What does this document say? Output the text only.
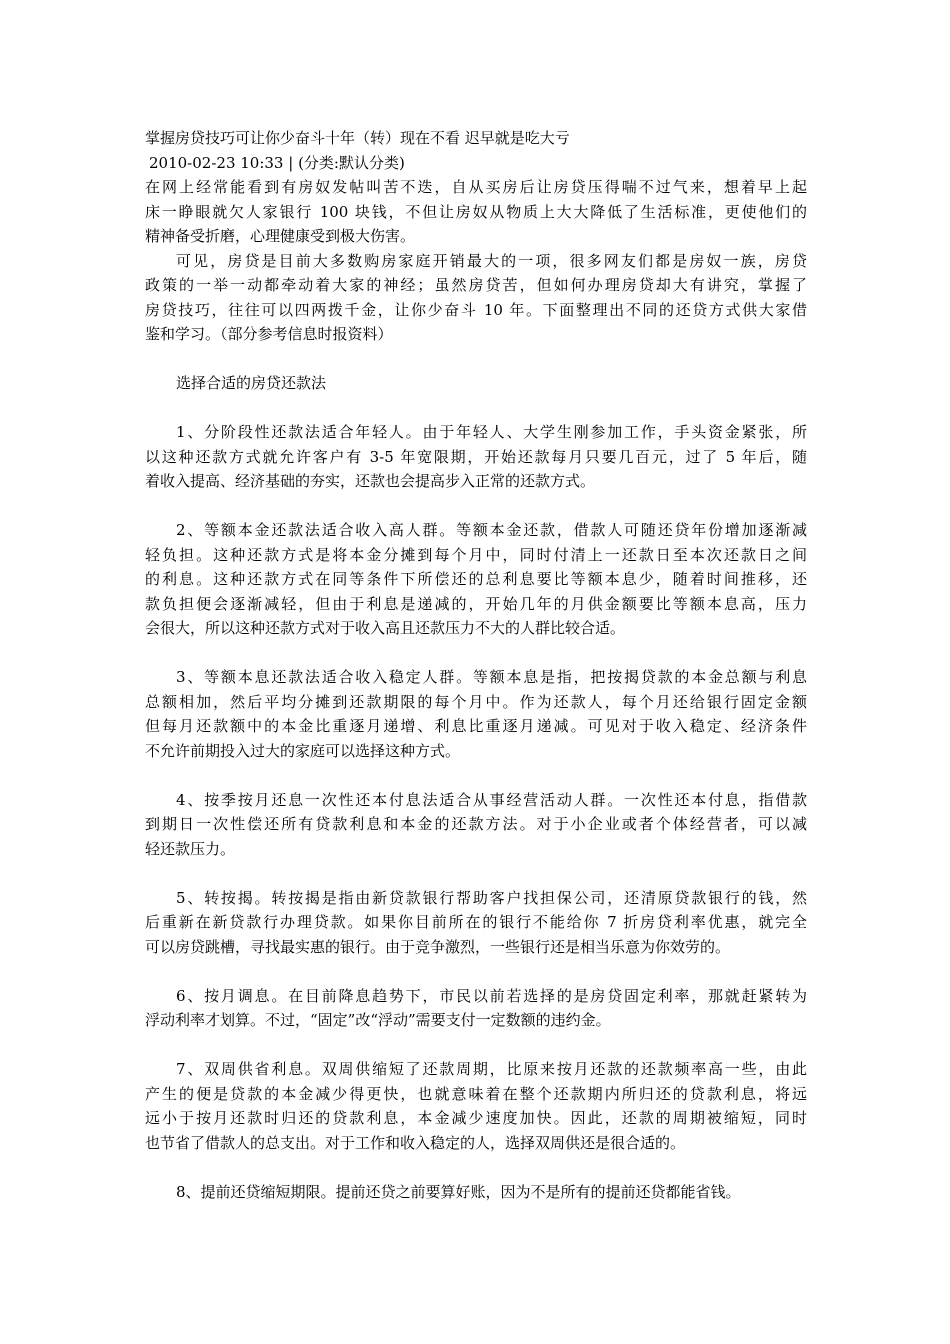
掌握房贷技巧可让你少奋斗十年（转）现在不看 迟早就是吃大亏
2010-02-23 10:33 | (分类:默认分类)
在网上经常能看到有房奴发帖叫苦不迭，自从买房后让房贷压得喘不过气来，想着早上起
床一睁眼就欠人家银行 100 块钱，不但让房奴从物质上大大降低了生活标准，更使他们的
精神备受折磨，心理健康受到极大伤害。
可见，房贷是目前大多数购房家庭开销最大的一项，很多网友们都是房奴一族，房贷
政策的一举一动都牵动着大家的神经；虽然房贷苦，但如何办理房贷却大有讲究，掌握了
房贷技巧，往往可以四两拨千金，让你少奋斗 10 年。下面整理出不同的还贷方式供大家借
鉴和学习。（部分参考信息时报资料）
选择合适的房贷还款法
1、分阶段性还款法适合年轻人。由于年轻人、大学生刚参加工作，手头资金紧张，所
以这种还款方式就允许客户有 3-5 年宽限期，开始还款每月只要几百元，过了 5 年后，随
着收入提高、经济基础的夯实，还款也会提高步入正常的还款方式。
2、等额本金还款法适合收入高人群。等额本金还款，借款人可随还贷年份增加逐渐减
轻负担。这种还款方式是将本金分摊到每个月中，同时付清上一还款日至本次还款日之间
的利息。这种还款方式在同等条件下所偿还的总利息要比等额本息少，随着时间推移，还
款负担便会逐渐减轻，但由于利息是递减的，开始几年的月供金额要比等额本息高，压力
会很大，所以这种还款方式对于收入高且还款压力不大的人群比较合适。
3、等额本息还款法适合收入稳定人群。等额本息是指，把按揭贷款的本金总额与利息
总额相加，然后平均分摊到还款期限的每个月中。作为还款人，每个月还给银行固定金额
但每月还款额中的本金比重逐月递增、利息比重逐月递减。可见对于收入稳定、经济条件
不允许前期投入过大的家庭可以选择这种方式。
4、按季按月还息一次性还本付息法适合从事经营活动人群。一次性还本付息，指借款
到期日一次性偿还所有贷款利息和本金的还款方法。对于小企业或者个体经营者，可以减
轻还款压力。
5、转按揭。转按揭是指由新贷款银行帮助客户找担保公司，还清原贷款银行的钱，然
后重新在新贷款行办理贷款。如果你目前所在的银行不能给你 7 折房贷利率优惠，就完全
可以房贷跳槽，寻找最实惠的银行。由于竞争激烈，一些银行还是相当乐意为你效劳的。
6、按月调息。在目前降息趋势下，市民以前若选择的是房贷固定利率，那就赶紧转为
浮动利率才划算。不过，“固定”改“浮动”需要支付一定数额的违约金。
7、双周供省利息。双周供缩短了还款周期，比原来按月还款的还款频率高一些，由此
产生的便是贷款的本金减少得更快，也就意味着在整个还款期内所归还的贷款利息，将远
远小于按月还款时归还的贷款利息，本金减少速度加快。因此，还款的周期被缩短，同时
也节省了借款人的总支出。对于工作和收入稳定的人，选择双周供还是很合适的。
8、提前还贷缩短期限。提前还贷之前要算好账，因为不是所有的提前还贷都能省钱。
